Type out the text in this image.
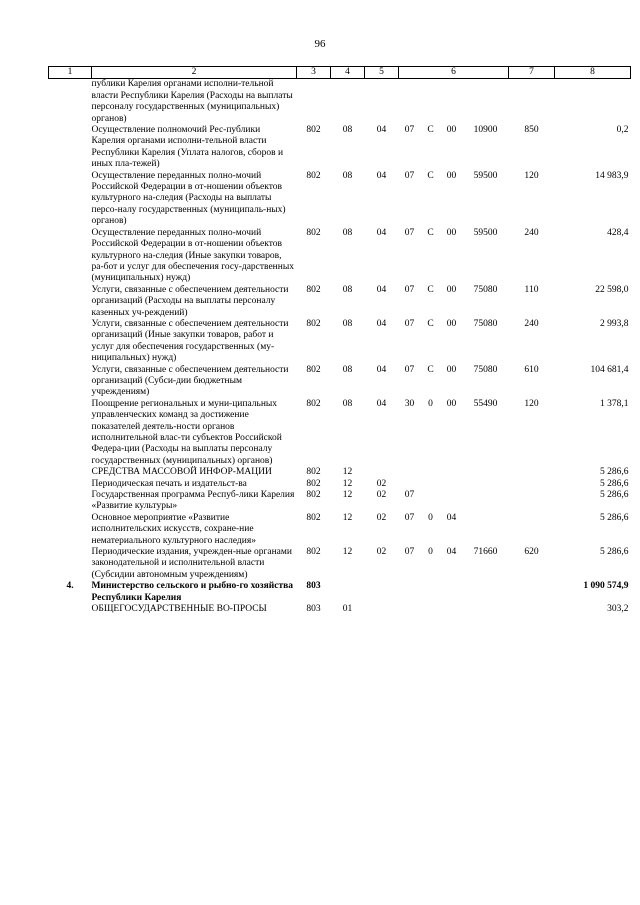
96
1	2	3	4	5	6				7	8
	публики Карелия органами исполни-тельной власти Республики Карелия (Расходы на выплаты персоналу государственных (муниципальных) органов)									
	Осуществление полномочий Рес-публики Карелия органами исполни-тельной власти Республики Карелия (Уплата налогов, сборов и иных пла-тежей)	802	08	04	07	С	00	10900	850	0,2
	Осуществление переданных полно-мочий Российской Федерации в от-ношении объектов культурного на-следия (Расходы на выплаты персо-налу государственных (муниципаль-ных) органов)	802	08	04	07	С	00	59500	120	14 983,9
	Осуществление переданных полно-мочий Российской Федерации в от-ношении объектов культурного на-следия (Иные закупки товаров, ра-бот и услуг для обеспечения госу-дарственных (муниципальных) нужд)	802	08	04	07	С	00	59500	240	428,4
	Услуги, связанные с обеспечением деятельности организаций (Расходы на выплаты персоналу казенных уч-реждений)	802	08	04	07	С	00	75080	110	22 598,0
	Услуги, связанные с обеспечением деятельности организаций (Иные закупки товаров, работ и услуг для обеспечения государственных (му-ниципальных) нужд)	802	08	04	07	С	00	75080	240	2 993,8
	Услуги, связанные с обеспечением деятельности организаций (Субси-дии бюджетным учреждениям)	802	08	04	07	С	00	75080	610	104 681,4
	Поощрение региональных и муни-ципальных управленческих команд за достижение показателей деятель-ности органов исполнительной влас-ти субъектов Российской Федера-ции (Расходы на выплаты персоналу государственных (муниципальных) органов)	802	08	04	30	0	00	55490	120	1 378,1
	СРЕДСТВА МАССОВОЙ ИНФОР-МАЦИИ	802	12							5 286,6
	Периодическая печать и издательст-ва	802	12	02						5 286,6
	Государственная программа Респуб-лики Карелия «Развитие культуры»	802	12	02	07					5 286,6
	Основное мероприятие «Развитие исполнительских искусств, сохране-ние нематериального культурного наследия»	802	12	02	07	0	04			5 286,6
	Периодические издания, учрежден-ные органами законодательной и исполнительной власти (Субсидии автономным учреждениям)	802	12	02	07	0	04	71660	620	5 286,6
4.	Министерство сельского и рыбно-го хозяйства Республики Карелия	803								1 090 574,9
	ОБЩЕГОСУДАРСТВЕННЫЕ ВО-ПРОСЫ	803	01							303,2
